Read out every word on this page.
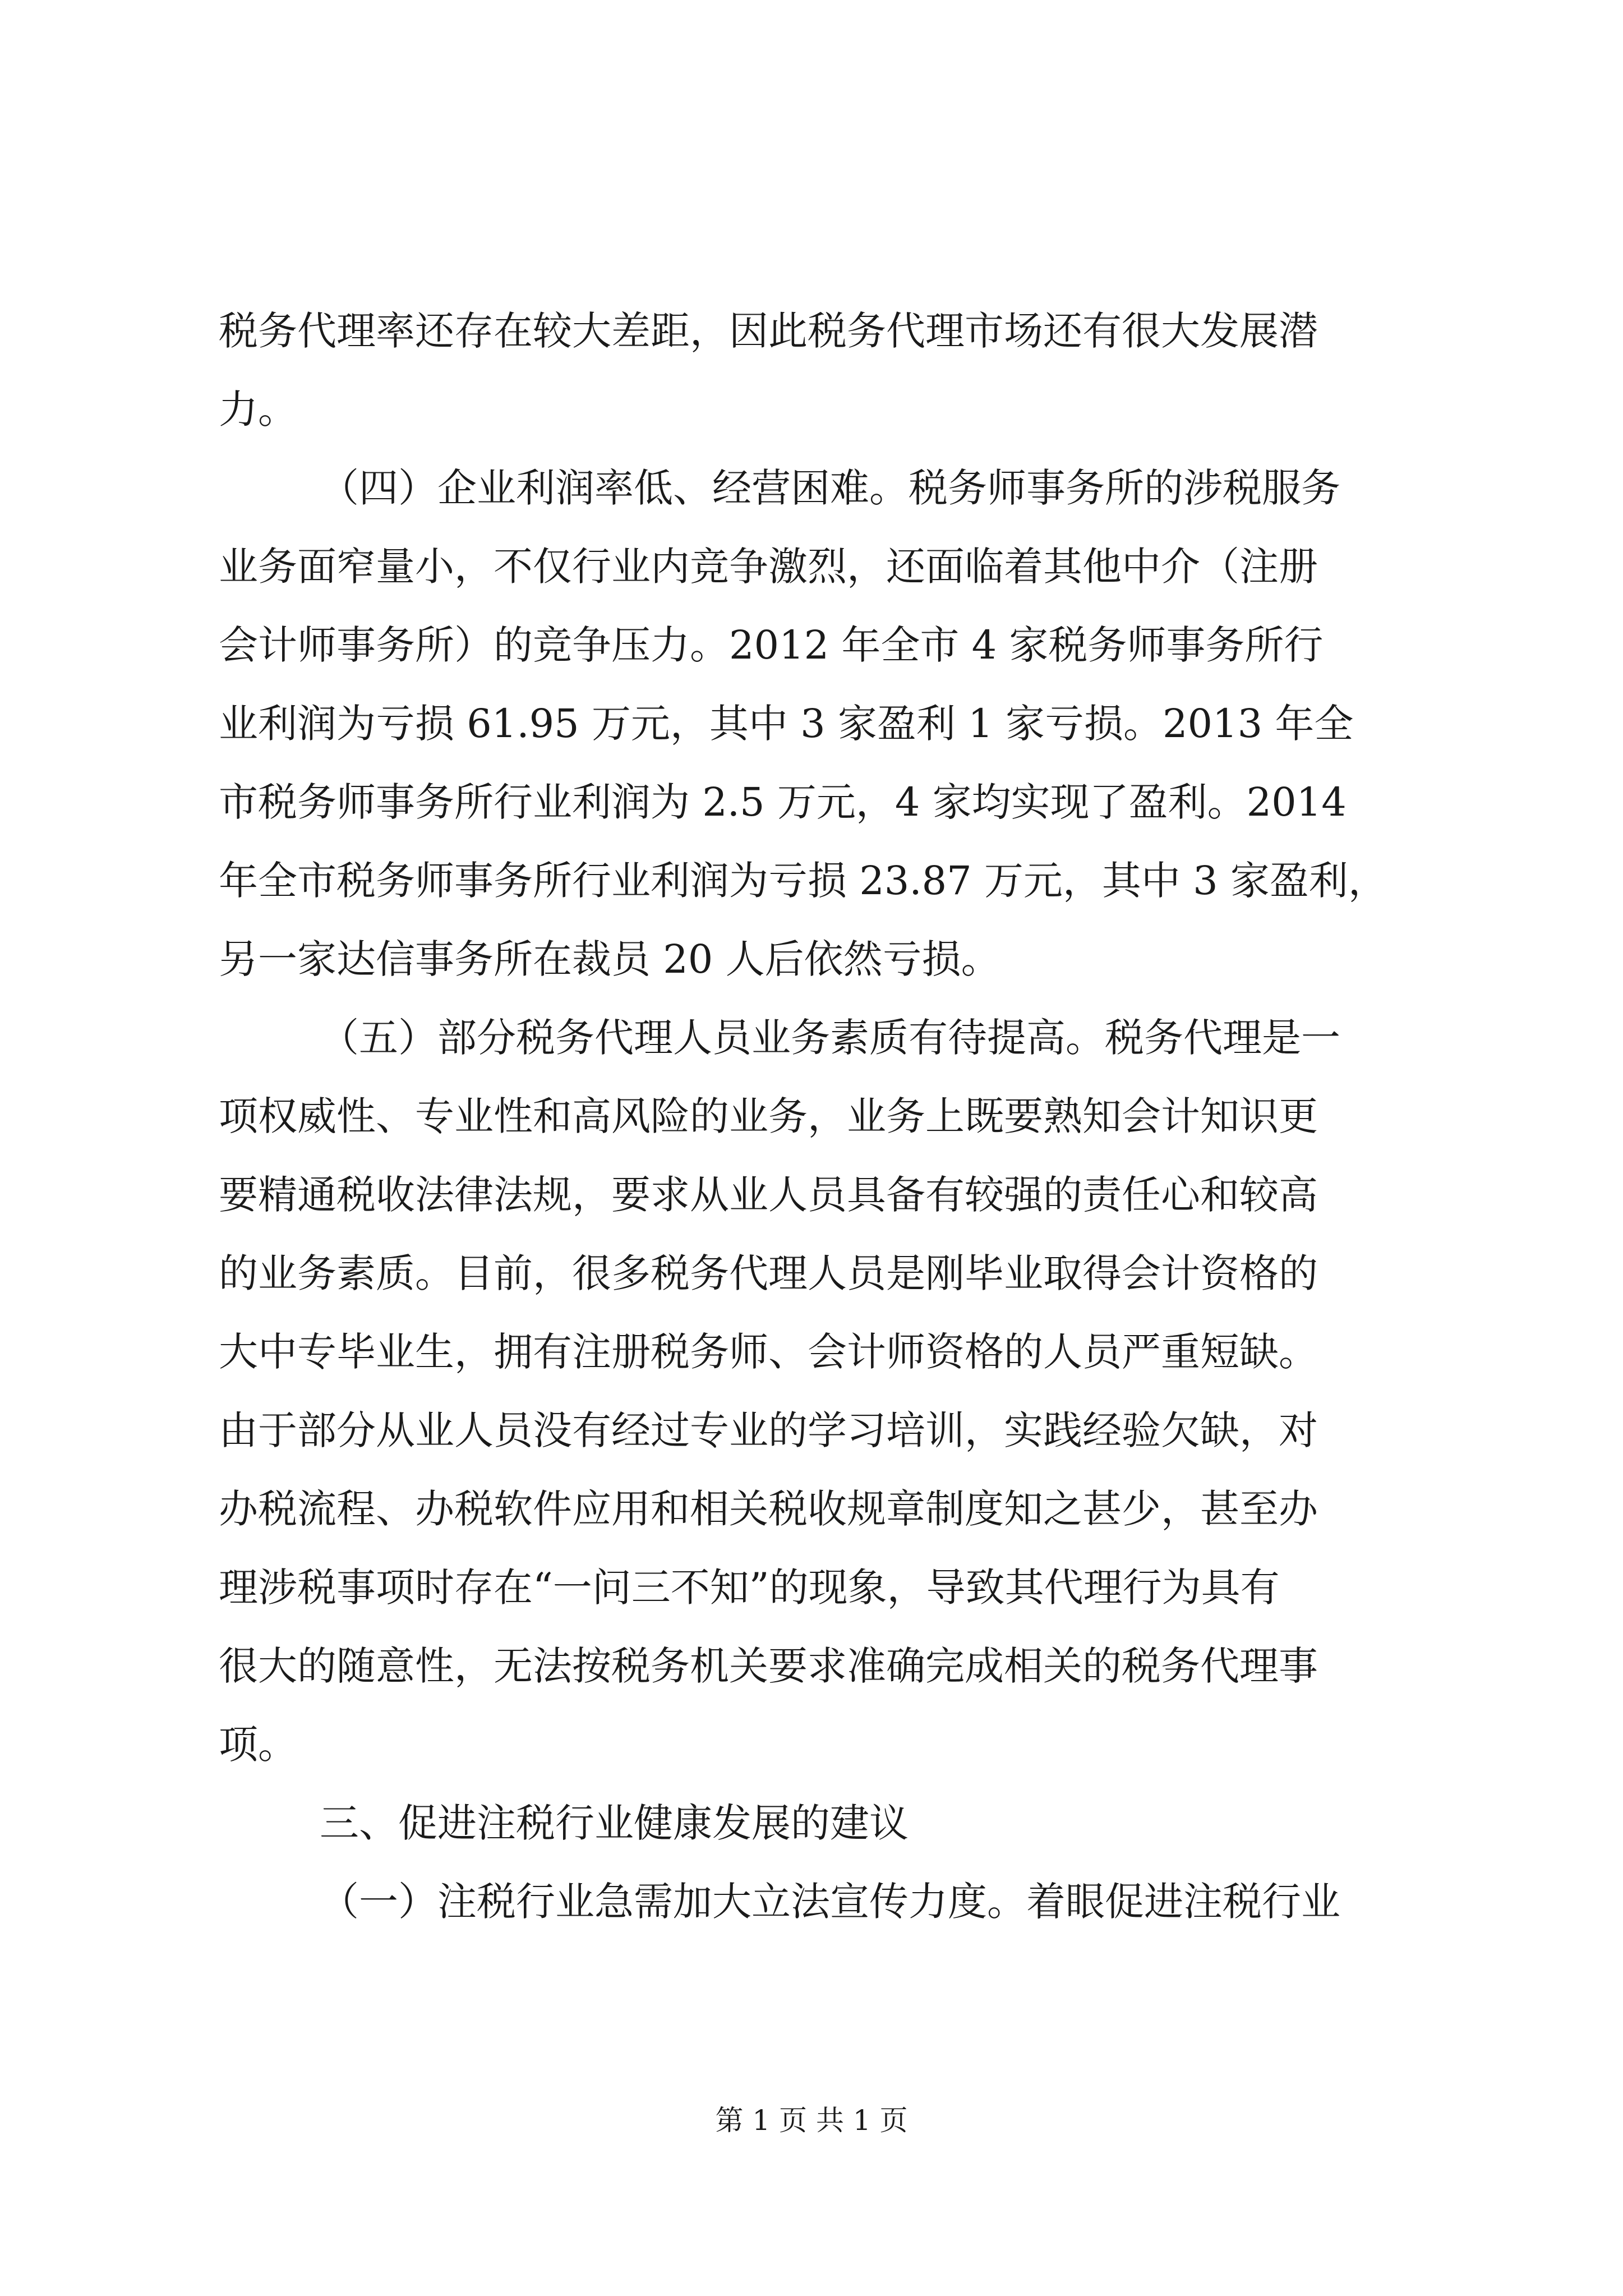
税务代理率还存在较大差距，因此税务代理市场还有很大发展潜
力。
（四）企业利润率低、经营困难。税务师事务所的涉税服务
业务面窄量小，不仅行业内竞争激烈，还面临着其他中介（注册
会计师事务所）的竞争压力。2012 年全市 4 家税务师事务所行
业利润为亏损 61.95 万元，其中 3 家盈利 1 家亏损。2013 年全
市税务师事务所行业利润为 2.5 万元，4 家均实现了盈利。2014
年全市税务师事务所行业利润为亏损 23.87 万元，其中 3 家盈利，
另一家达信事务所在裁员 20 人后依然亏损。
（五）部分税务代理人员业务素质有待提高。税务代理是一
项权威性、专业性和高风险的业务，业务上既要熟知会计知识更
要精通税收法律法规，要求从业人员具备有较强的责任心和较高
的业务素质。目前，很多税务代理人员是刚毕业取得会计资格的
大中专毕业生，拥有注册税务师、会计师资格的人员严重短缺。
由于部分从业人员没有经过专业的学习培训，实践经验欠缺，对
办税流程、办税软件应用和相关税收规章制度知之甚少，甚至办
理涉税事项时存在“一问三不知”的现象，导致其代理行为具有
很大的随意性，无法按税务机关要求准确完成相关的税务代理事
项。
三、促进注税行业健康发展的建议
（一）注税行业急需加大立法宣传力度。着眼促进注税行业
第 1 页 共 1 页
